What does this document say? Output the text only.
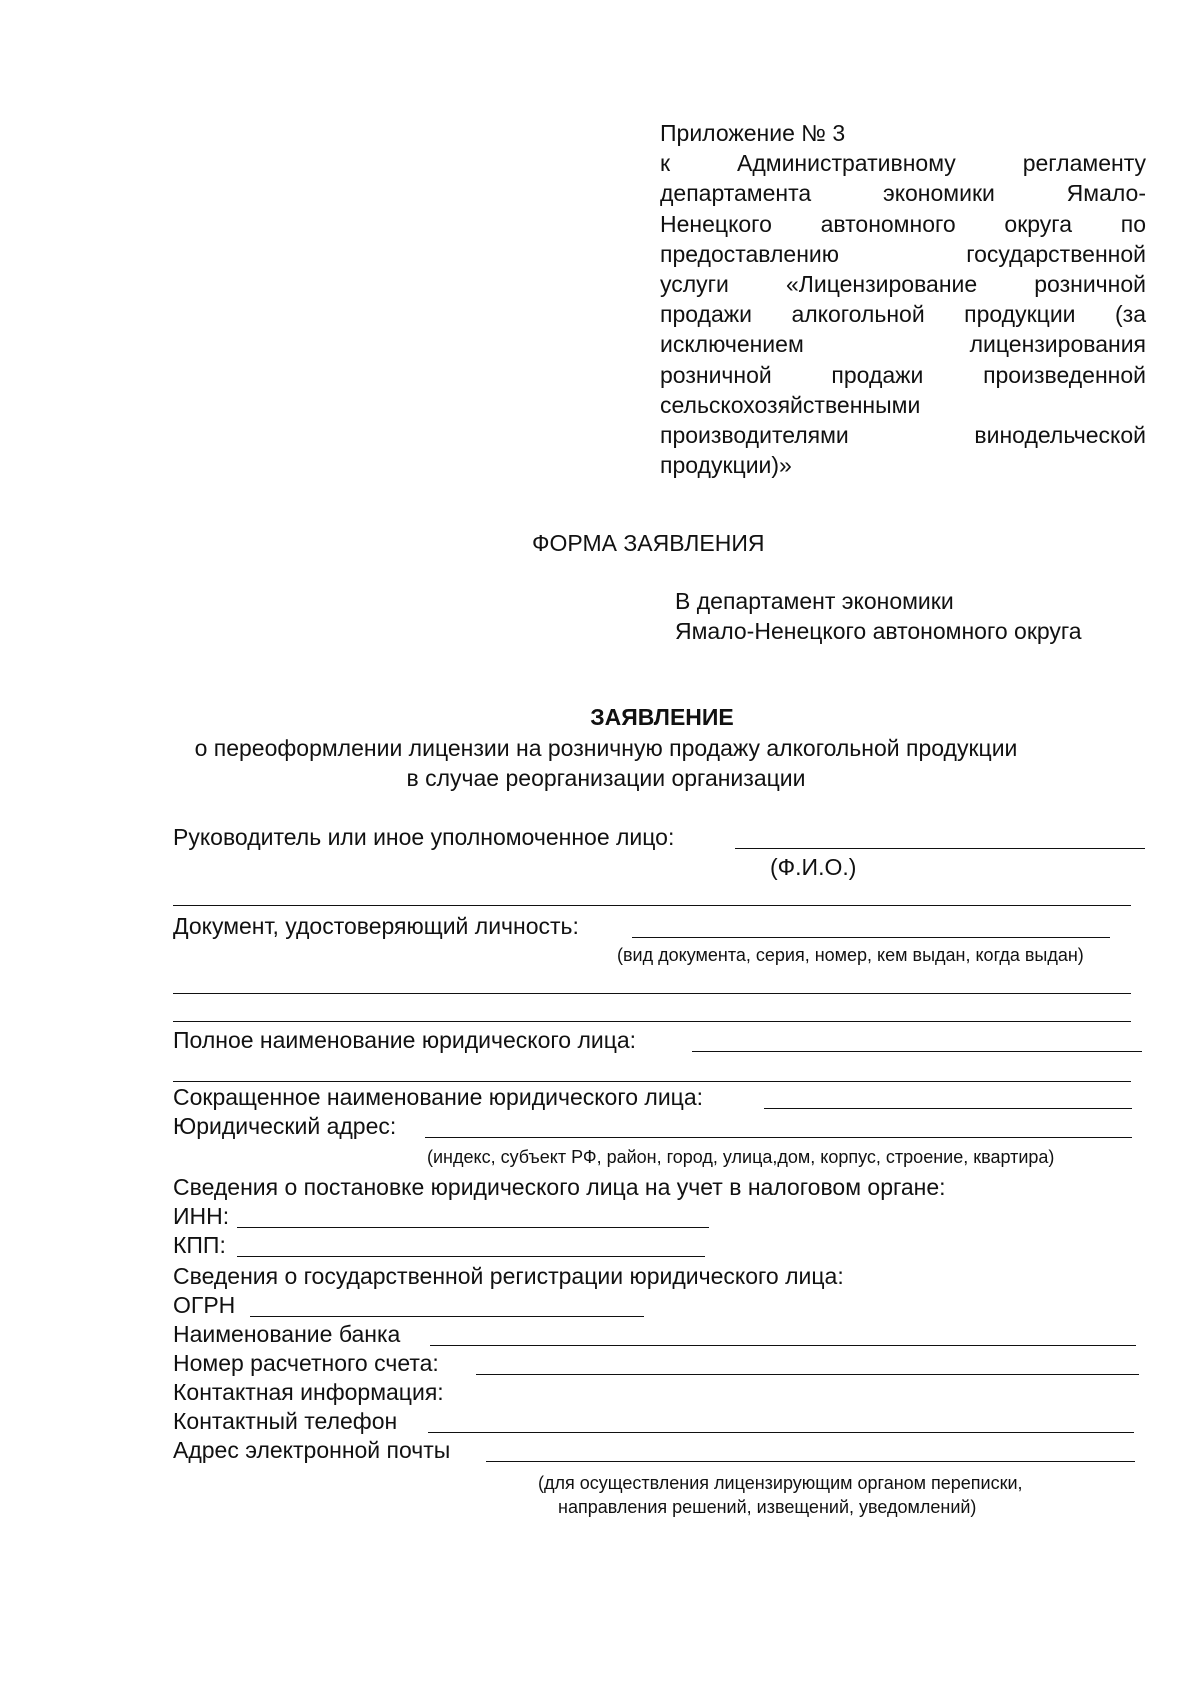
Приложение № 3
к Административному регламенту
департамента экономики Ямало-
Ненецкого автономного округа по
предоставлению государственной
услуги «Лицензирование розничной
продажи алкогольной продукции (за
исключением лицензирования
розничной продажи произведенной
сельскохозяйственными
производителями винодельческой
продукции)»
ФОРМА ЗАЯВЛЕНИЯ
В департамент экономики
Ямало-Ненецкого автономного округа
ЗАЯВЛЕНИЕ
о переоформлении лицензии на розничную продажу алкогольной продукции
в случае реорганизации организации
Руководитель или иное уполномоченное лицо:
(Ф.И.О.)
Документ, удостоверяющий личность:
(вид документа, серия, номер, кем выдан, когда выдан)
Полное наименование юридического лица:
Сокращенное наименование юридического лица:
Юридический адрес:
(индекс, субъект РФ, район, город, улица,дом, корпус, строение, квартира)
Сведения о постановке юридического лица на учет в налоговом органе:
ИНН:
КПП:
Сведения о государственной регистрации юридического лица:
ОГРН
Наименование банка
Номер расчетного счета:
Контактная информация:
Контактный телефон
Адрес электронной почты
(для осуществления лицензирующим органом переписки,
направления решений, извещений, уведомлений)
